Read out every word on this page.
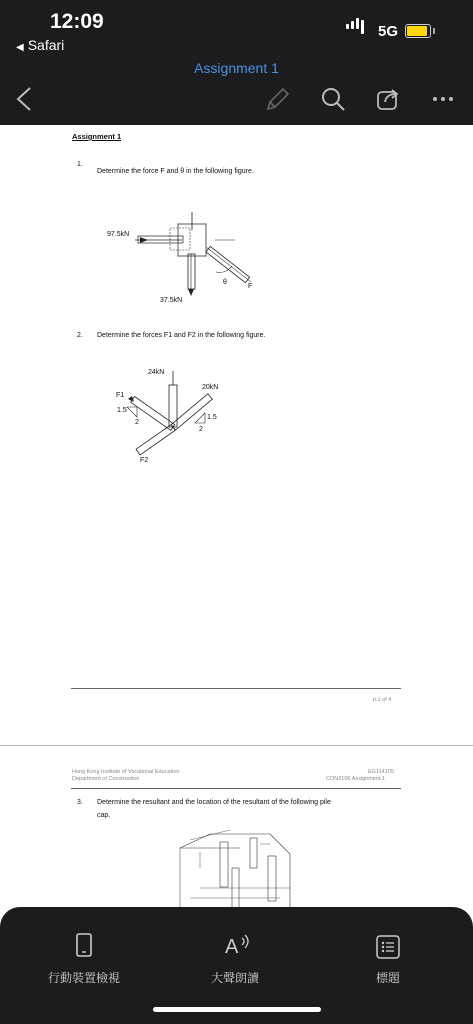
12:09
◀ Safari
5G
Assignment 1
Assignment 1
1.
Determine the force F and θ in the following figure.
97.5kN
37.5kN
θ
F
2. Determine the forces F1 and F2 in the following figure.
24kN
20kN
F1
1.5
2
1.5
2
F2
p.1 of 4
Hong Kong Institute of Vocational Education
Department of Construction
EG114105
CON3106 Assignment 1
3. Determine the resultant and the location of the resultant of the following pile
cap.
行動裝置檢視
A
大聲朗讀	標題
